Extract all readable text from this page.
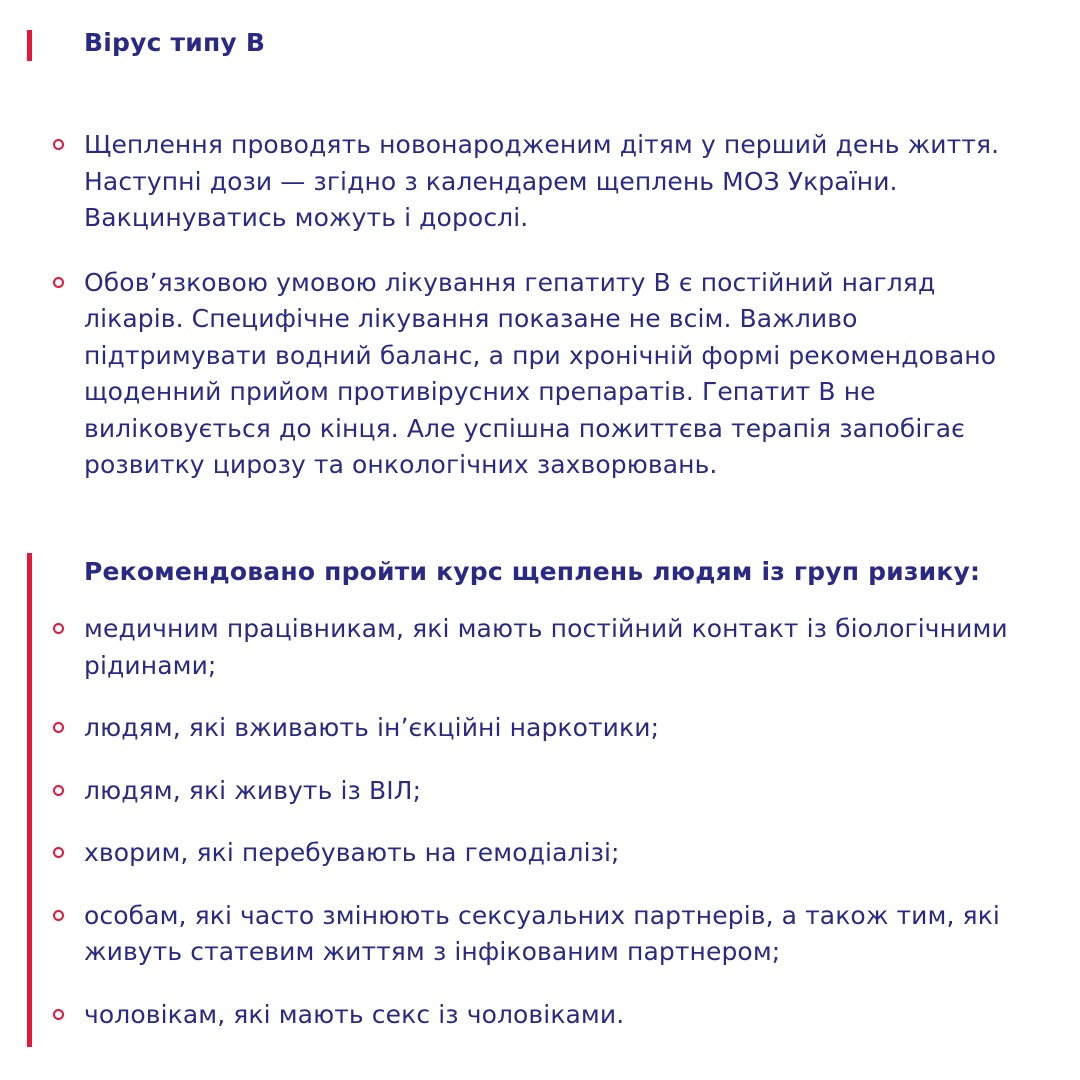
Вірус типу В
Щеплення проводять новонародженим дітям у перший день життя. Наступні дози — згідно з календарем щеплень МОЗ України. Вакцинуватись можуть і дорослі.
Обовʼязковою умовою лікування гепатиту В є постійний нагляд лікарів. Специфічне лікування показане не всім. Важливо підтримувати водний баланс, а при хронічній формі рекомендовано щоденний прийом противірусних препаратів. Гепатит В не виліковується до кінця. Але успішна пожиттєва терапія запобігає розвитку цирозу та онкологічних захворювань.
Рекомендовано пройти курс щеплень людям із груп ризику:
медичним працівникам, які мають постійний контакт із біологічними рідинами;
людям, які вживають інʼєкційні наркотики;
людям, які живуть із ВІЛ;
хворим, які перебувають на гемодіалізі;
особам, які часто змінюють сексуальних партнерів, а також тим, які живуть статевим життям з інфікованим партнером;
чоловікам, які мають секс із чоловіками.
